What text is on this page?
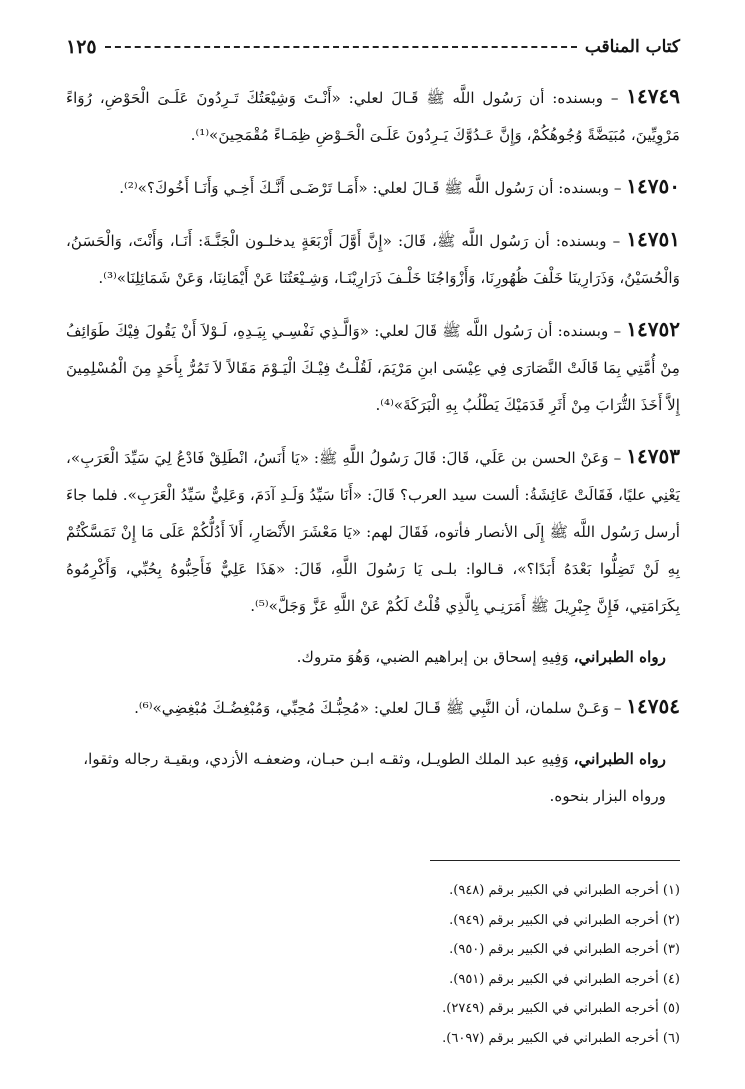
كتاب المناقب
١٢٥

١٤٧٤٩ – وبسنده: أن رَسُول اللَّه ﷺ قَـالَ لعلي: «أَنْـتَ وَشِيْعَتُكَ تَـرِدُونَ عَلَـىَ الْحَوْضِ، رُوَاءً مَرْوِيِّينَ، مُبَيَضَّةً وُجُوهُكُمْ، وَإِنَّ عَـدُوَّكَ يَـرِدُونَ عَلَـىَ الْحَـوْضِ ظِمَـاءً مُقْمَحِينَ»⁽¹⁾.

١٤٧٥٠ – وبسنده: أن رَسُول اللَّه ﷺ قَـالَ لعلي: «أَمَـا تَرْضَـى أَنَّـكَ أَخِـي وَأَنَـا أَخُوكَ؟»⁽²⁾.

١٤٧٥١ – وبسنده: أن رَسُول اللَّه ﷺ، قَالَ: «إِنَّ أَوَّلَ أَرْبَعَةٍ يدخلـون الْجَنَّـةَ: أَنَـا، وَأَنْتَ، وَالْحَسَنُ، وَالْحُسَيْنُ، وَذَرَارِينَا خَلْفَ ظُهُورِنَا، وَأَزْوَاجُنَا خَلْـفَ ذَرَارِيْنَـا، وَشِـيْعَتُنَا عَنْ أَيْمَانِنَا، وَعَنْ شَمَائِلِنَا»⁽³⁾.

١٤٧٥٢ – وبسنده: أن رَسُول اللَّه ﷺ قَالَ لعلي: «وَالَّـذِي نَفْسِـي بِيَـدِهِ، لَـوْلاَ أَنْ يَقُولَ فِيْكَ طَوَائِفُ مِنْ أُمَّتِي بِمَا قَالَتْ النَّصَارَى فِي عِيْسَى ابنِ مَرْيَمَ، لَقُلْـتُ فِيْـكَ الْيَـوْمَ مَقَالاً لاَ تَمُرُّ بِأَحَدٍ مِنَ الْمُسْلِمِينَ إِلاَّ أَخَذَ التُّرَابَ مِنْ أَثَرِ قَدَمَيْكَ يَطْلُبُ بِهِ الْبَرَكَةَ»⁽⁴⁾.

١٤٧٥٣ – وَعَنْ الحسن بن عَلَي، قَالَ: قَالَ رَسُولُ اللَّهِ ﷺ: «يَا أَنَسُ، انْطَلِقْ فَادْعُ لِيَ سَيِّدَ الْعَرَبِ»، يَعْنِي عليًا، فَقَالَتْ عَائِشَةُ: ألست سيد العرب؟ قَالَ: «أَنَا سَيِّدُ وَلَـدِ آدَمَ، وَعَلِيٌّ سَيِّدُ الْعَرَبِ». فلما جاءَ أرسل رَسُول اللَّه ﷺ إِلَى الأنصار فأتوه، فَقَالَ لهم: «يَا مَعْشَرَ الأَنْصَارِ، أَلاَ أَدُلُّكُمْ عَلَى مَا إِنْ تَمَسَّكْتُمْ بِهِ لَنْ تَضِلُّوا بَعْدَهُ أَبَدًا؟»، قـالوا: بلـى يَا رَسُولَ اللَّهِ، قَالَ: «هَذَا عَلِيٌّ فَأَحِبُّوهُ بِحُبِّي، وَأَكْرِمُوهُ بِكَرَامَتِي، فَإِنَّ جِبْرِيلَ ﷺ أَمَرَنِـي بِالَّذِي قُلْتُ لَكُمْ عَنْ اللَّهِ عَزَّ وَجَلَّ»⁽⁵⁾.

رواه الطبراني، وَفِيهِ إسحاق بن إبراهيم الضبي، وَهُوَ متروك.

١٤٧٥٤ – وَعَـنْ سلمان، أن النَّبِي ﷺ قَـالَ لعلي: «مُحِبُّـكَ مُحِبِّي، وَمُبْغِضُـكَ مُبْغِضِي»⁽⁶⁾.

رواه الطبراني، وَفِيهِ عبد الملك الطويـل، وثقـه ابـن حبـان، وضعفـه الأزدي، وبقيـة رجاله وثقوا، ورواه البزار بنحوه.

(١) أخرجه الطبراني في الكبير برقم (٩٤٨).
(٢) أخرجه الطبراني في الكبير برقم (٩٤٩).
(٣) أخرجه الطبراني في الكبير برقم (٩٥٠).
(٤) أخرجه الطبراني في الكبير برقم (٩٥١).
(٥) أخرجه الطبراني في الكبير برقم (٢٧٤٩).
(٦) أخرجه الطبراني في الكبير برقم (٦٠٩٧).
